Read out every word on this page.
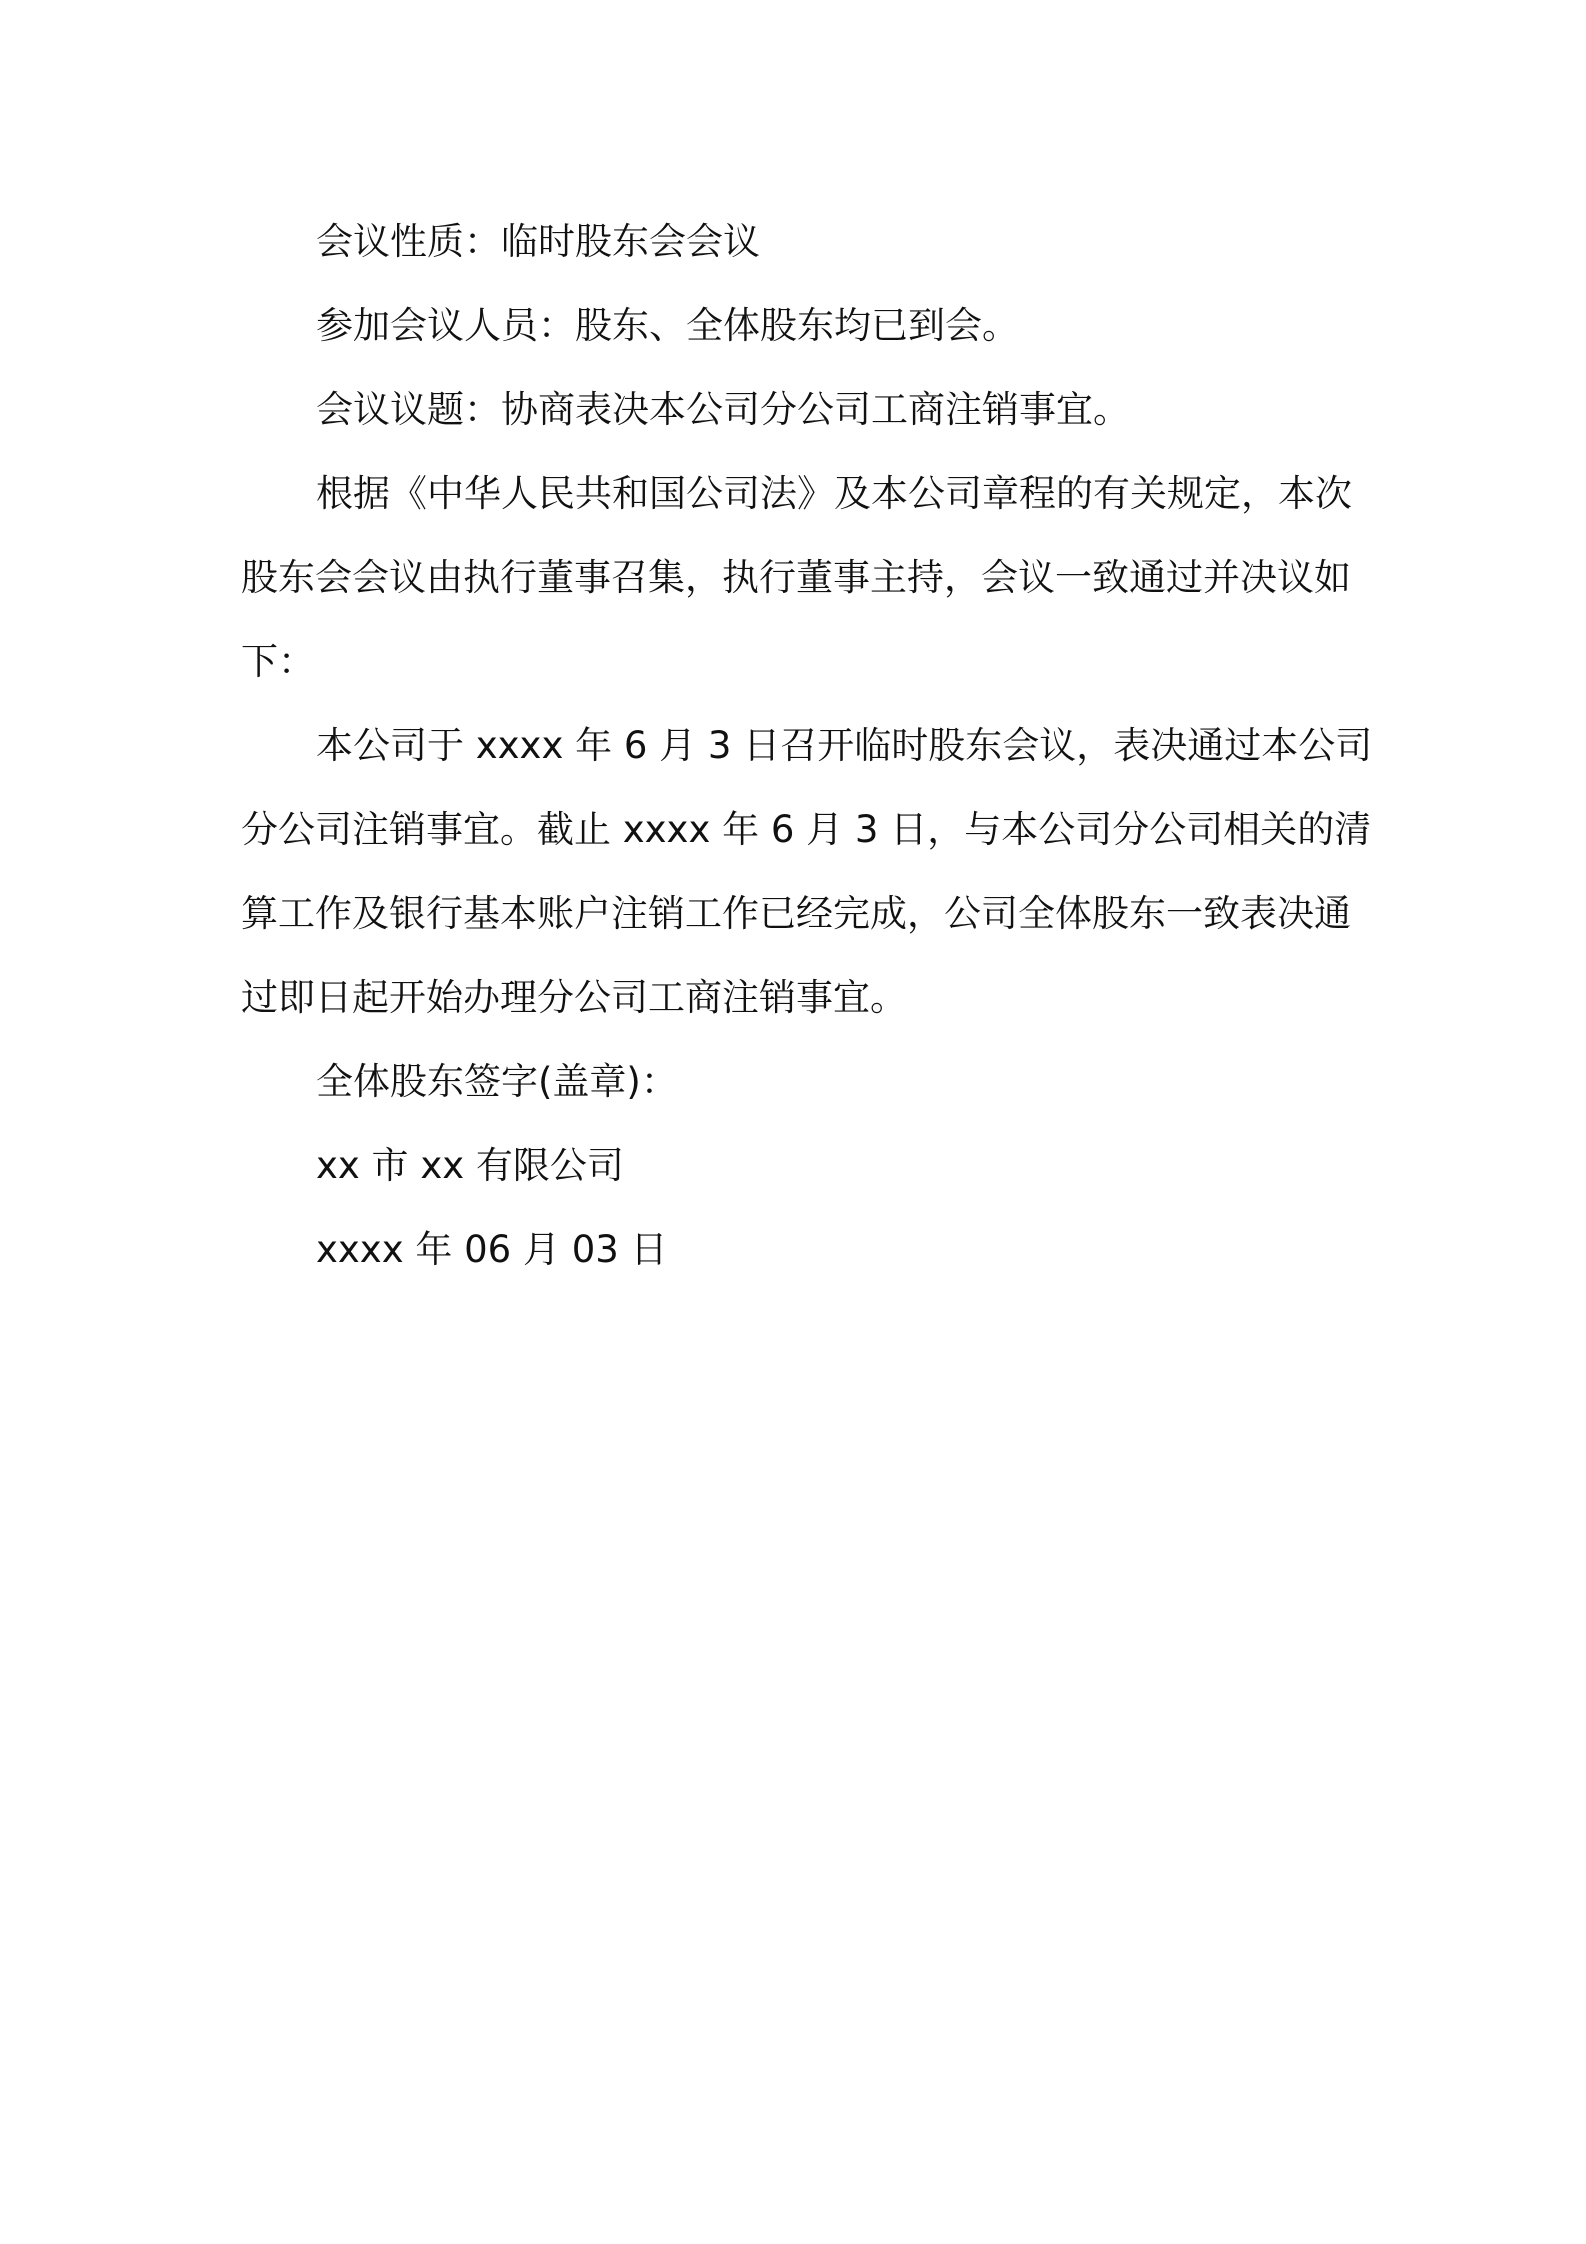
会议性质：临时股东会会议

参加会议人员：股东、全体股东均已到会。

会议议题：协商表决本公司分公司工商注销事宜。

根据《中华人民共和国公司法》及本公司章程的有关规定，本次
股东会会议由执行董事召集，执行董事主持，会议一致通过并决议如
下：
本公司于 xxxx 年 6 月 3 日召开临时股东会议，表决通过本公司
分公司注销事宜。截止 xxxx 年 6 月 3 日，与本公司分公司相关的清
算工作及银行基本账户注销工作已经完成，公司全体股东一致表决通
过即日起开始办理分公司工商注销事宜。

全体股东签字(盖章)：

xx 市 xx 有限公司

xxxx 年 06 月 03 日
